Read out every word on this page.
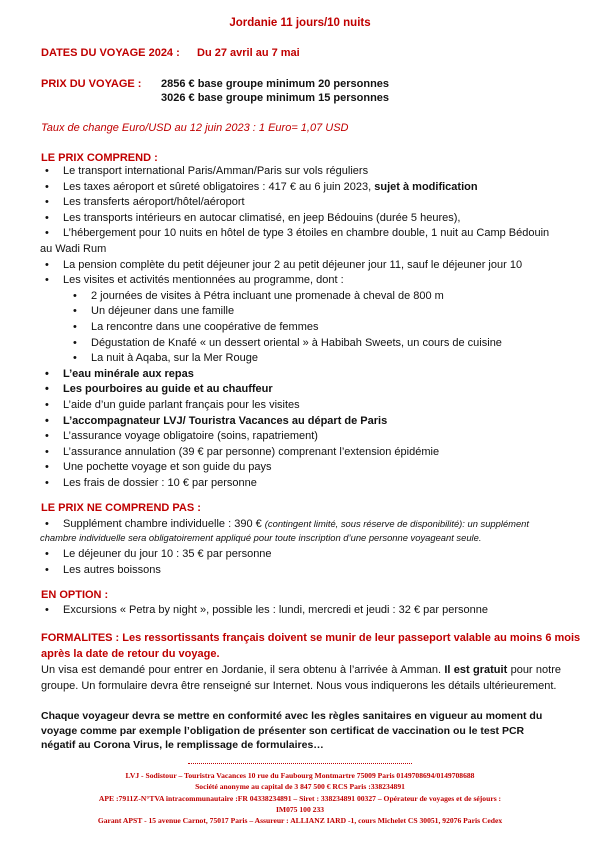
Jordanie 11 jours/10 nuits
DATES DU VOYAGE 2024 : Du 27 avril au 7 mai
PRIX DU VOYAGE : 2856 € base groupe minimum 20 personnes
3026 € base groupe minimum 15 personnes
Taux de change Euro/USD au 12 juin 2023 : 1 Euro= 1,07 USD
LE PRIX COMPREND :
• Le transport international Paris/Amman/Paris sur vols réguliers
• Les taxes aéroport et sûreté obligatoires : 417 € au 6 juin 2023, sujet à modification
• Les transferts aéroport/hôtel/aéroport
• Les transports intérieurs en autocar climatisé, en jeep Bédouins (durée 5 heures),
• L’hébergement pour 10 nuits en hôtel de type 3 étoiles en chambre double, 1 nuit au Camp Bédouin
au Wadi Rum
• La pension complète du petit déjeuner jour 2 au petit déjeuner jour 11, sauf le déjeuner jour 10
• Les visites et activités mentionnées au programme, dont :
• 2 journées de visites à Pétra incluant une promenade à cheval de 800 m
• Un déjeuner dans une famille
• La rencontre dans une coopérative de femmes
• Dégustation de Knafé « un dessert oriental » à Habibah Sweets, un cours de cuisine
• La nuit à Aqaba, sur la Mer Rouge
• L’eau minérale aux repas
• Les pourboires au guide et au chauffeur
• L’aide d’un guide parlant français pour les visites
• L’accompagnateur LVJ/ Touristra Vacances au départ de Paris
• L’assurance voyage obligatoire (soins, rapatriement)
• L’assurance annulation (39 € par personne) comprenant l’extension épidémie
• Une pochette voyage et son guide du pays
• Les frais de dossier : 10 € par personne
LE PRIX NE COMPREND PAS :
• Supplément chambre individuelle : 390 € (contingent limité, sous réserve de disponibilité): un supplément
chambre individuelle sera obligatoirement appliqué pour toute inscription d’une personne voyageant seule.
• Le déjeuner du jour 10 : 35 € par personne
• Les autres boissons
EN OPTION :
• Excursions « Petra by night », possible les : lundi, mercredi et jeudi : 32 € par personne
FORMALITES : Les ressortissants français doivent se munir de leur passeport valable au moins 6 mois
après la date de retour du voyage.
Un visa est demandé pour entrer en Jordanie, il sera obtenu à l’arrivée à Amman. Il est gratuit pour notre groupe. Un formulaire devra être renseigné sur Internet. Nous vous indiquerons les détails ultérieurement.
Chaque voyageur devra se mettre en conformité avec les règles sanitaires en vigueur au moment du voyage comme par exemple l’obligation de présenter son certificat de vaccination ou le test PCR négatif au Corona Virus, le remplissage de formulaires…
LVJ - Sodistour – Touristra Vacances 10 rue du Faubourg Montmartre 75009 Paris 0149708694/0149708688
Société anonyme au capital de 3 847 500 € RCS Paris :338234891
APE :7911Z-N°TVA intracommunautaire :FR 04338234891 – Siret : 338234891 00327 – Opérateur de voyages et de séjours :
IM075 100 233
Garant APST - 15 avenue Carnot, 75017 Paris – Assureur : ALLIANZ IARD -1, cours Michelet CS 30051, 92076 Paris Cedex
